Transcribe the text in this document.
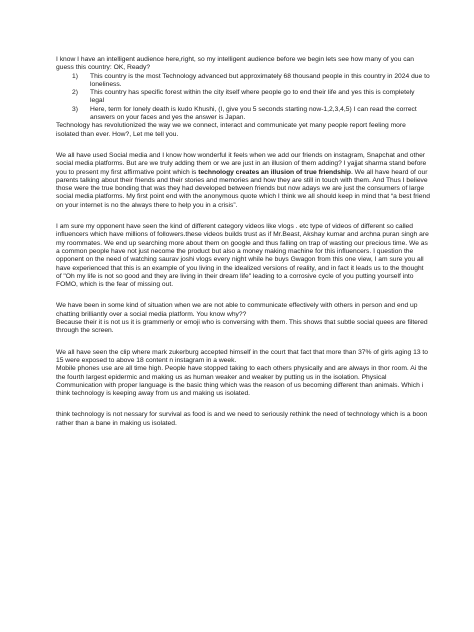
I know I have an intelligent audience here,right, so my intelligent audience before we begin lets see how many of you can guess this country: OK, Ready?

1)	This country is the most Technology advanced but approximately 68 thousand people in this country in 2024 due to loneliness.
2)	This country has specific forest within the city itself where people go to end their life and yes this is completely legal
3)	Here, term for lonely death is kudo Khushi, (I, give you 5 seconds starting now-1,2,3,4,5) I can read the correct answers on your faces and yes the answer is Japan.

Technology has revolutionized the way we we connect, interact and communicate yet many people report feeling more isolated than ever. How?, Let me tell you.

We all have used Social media and I know how wonderful it feels when we add our friends on instagram, Snapchat and other social media platforms. But are we truly adding them or we are just in an illusion of them adding? I yajjat sharma stand before you to present my first affirmative point which is technology creates an illusion of true friendship. We all have heard of our parents talking about their friends and their stories and memories and how they are still in touch with them. And Thus I believe those were the true bonding that was they had developed between friends but now adays we are just the consumers of large social media platforms. My first point end with the anonymous quote which I think we all should keep in mind that “a best friend on your internet is no the always there to help you in a crisis”.

I am sure my opponent have seen the kind of different category videos like vlogs . etc type of videos of different so called influencers which have millions of followers.these videos builds trust as if Mr.Beast, Akshay kumar and archna puran singh are my roommates. We end up searching more about them on google and thus falling on trap of wasting our precious time. We as a common people have not just necome the product but also a money making machine for this influencers. I question the opponent on the need of watching saurav joshi vlogs every night while he buys Gwagon from this one view, I am sure you all have experienced that this is an example of you living in the idealized versions of reality, and in fact it leads us to the thought of "Oh my life is not so good and they are living in their dream life" leading to a corrosive cycle of you putting yourself into FOMO, which is the fear of missing out.

We have been in some kind of situation when we are not able to communicate effectively with others in person and end up chatting brilliantly over a social media platform. You know why??

Because their it is not us it is grammerly or emoji who is conversing with them. This shows that subtle social quees are filtered through the screen.

We all have seen the clip where mark zukerburg accepted himself in the court that fact that more than 37% of girls aging 13 to 15 were exposed to above 18 content n instagram in a week.

Mobile phones use are all time high. People have stopped taking to each others physically and are always in thor room. Ai the the fourth largest epidermic and making us as human weaker and weaker by putting us in the isolation. Physical Communication with proper language is the basic thing which was the reason of us becoming different than animals. Which i think technology is keeping away from us and making us isolated.

think technology is not nessary for survival as food is and we need to seriously rethink the need of technology which is a boon rather than a bane in making us isolated.
